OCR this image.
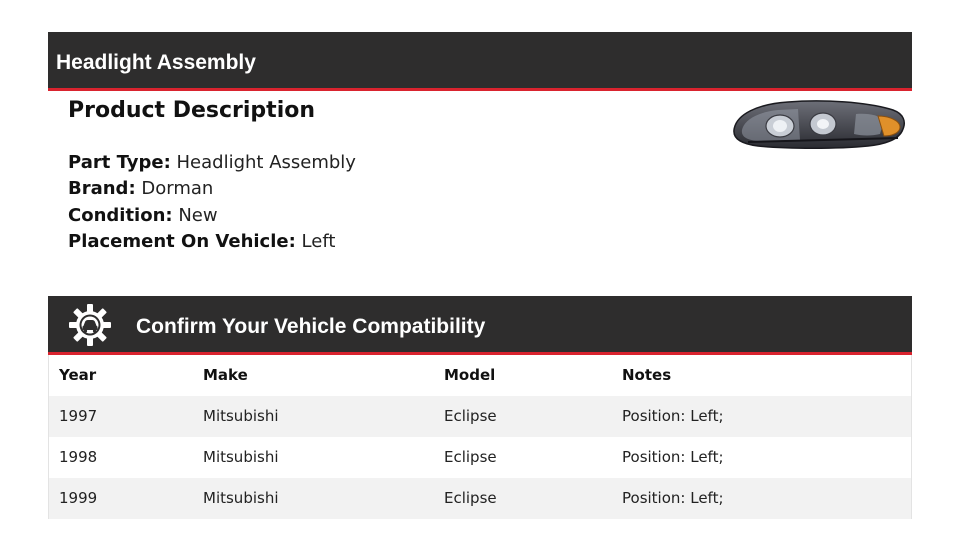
Headlight Assembly
Product Description
Part Type: Headlight Assembly
Brand: Dorman
Condition: New
Placement On Vehicle: Left
Confirm Your Vehicle Compatibility
Year	Make	Model	Notes
1997	Mitsubishi	Eclipse	Position: Left;
1998	Mitsubishi	Eclipse	Position: Left;
1999	Mitsubishi	Eclipse	Position: Left;
